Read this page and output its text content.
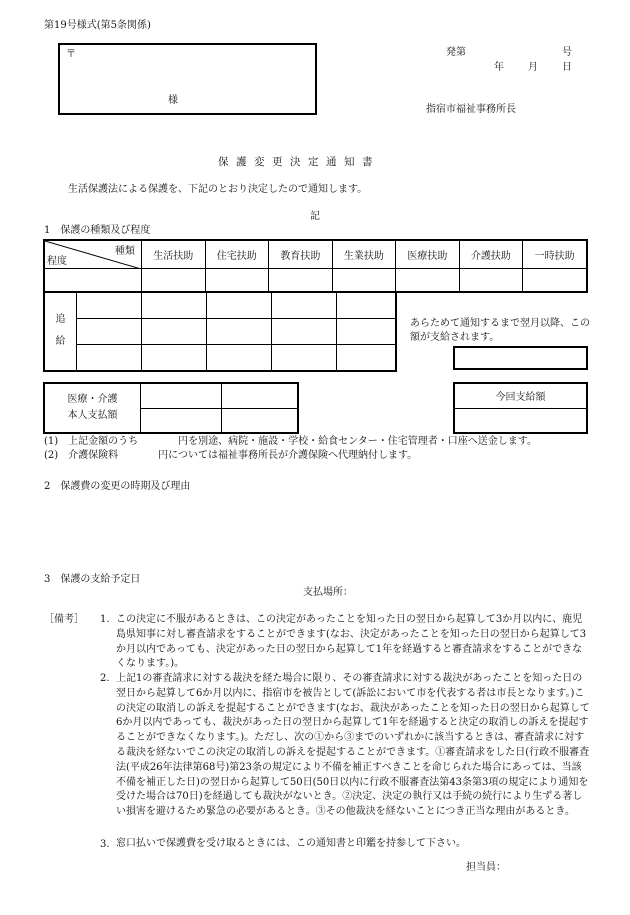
第19号様式(第5条関係)
〒
様
発第	号
年 月 日
指宿市福祉事務所長
保護変更決定通知書
生活保護法による保護を、下記のとおり決定したので通知します。
記
1　保護の種類及び程度
種類
程度	生活扶助	住宅扶助	教育扶助	生業扶助	医療扶助	介護扶助	一時扶助

追
給					

あらためて通知するまで翌月以降、この額が支給されます。
医療・介護
本人支払額		

今回支給額

(1)　上記金額のうち　　　　円を別途、病院・施設・学校・給食センター・住宅管理者・口座へ送金します。
(2)　介護保険料　　　　円については福祉事務所長が介護保険へ代理納付します。
2　保護費の変更の時期及び理由
3　保護の支給予定日
支払場所：
［備考］ 1. この決定に不服があるときは、この決定があったことを知った日の翌日から起算して3か月以内に、鹿児島県知事に対し審査請求をすることができます(なお、決定があったことを知った日の翌日から起算して3か月以内であっても、決定があった日の翌日から起算して1年を経過すると審査請求をすることができなくなります。)。
2. 上記1の審査請求に対する裁決を経た場合に限り、その審査請求に対する裁決があったことを知った日の翌日から起算して6か月以内に、指宿市を被告として(訴訟において市を代表する者は市長となります。)この決定の取消しの訴えを提起することができます(なお、裁決があったことを知った日の翌日から起算して6か月以内であっても、裁決があった日の翌日から起算して1年を経過すると決定の取消しの訴えを提起することができなくなります。)。ただし、次の①から③までのいずれかに該当するときは、審査請求に対する裁決を経ないでこの決定の取消しの訴えを提起することができます。①審査請求をした日(行政不服審査法(平成26年法律第68号)第23条の規定により不備を補正すべきことを命じられた場合にあっては、当該不備を補正した日)の翌日から起算して50日(50日以内に行政不服審査法第43条第3項の規定により通知を受けた場合は70日)を経過しても裁決がないとき。②決定、決定の執行又は手続の続行により生ずる著しい損害を避けるため緊急の必要があるとき。③その他裁決を経ないことにつき正当な理由があるとき。
3. 窓口払いで保護費を受け取るときには、この通知書と印鑑を持参して下さい。
担当員：
